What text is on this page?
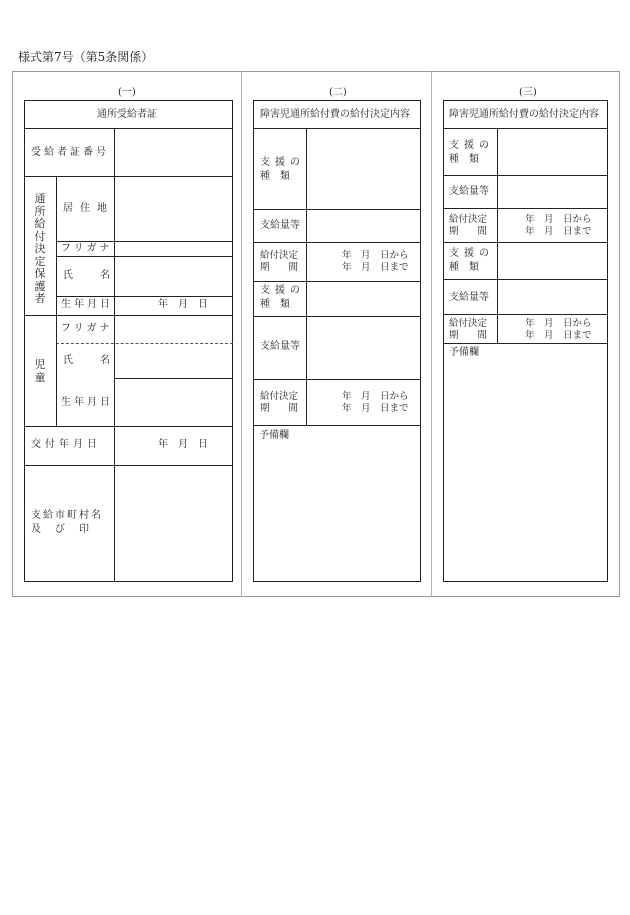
様式第7号（第5条関係）
(一)
通所受給者証
受給者証番号
通所給付決定保護者
居住地
フリガナ
氏名
生年月日	年　月　日
児童
フリガナ
氏名
生年月日
交付年月日	年　月　日
支給市町村名
及　び　印
(二)
障害児通所給付費の給付決定内容
支援の
種　類
支給量等
給付決定
期　　間
年　月　日から
年　月　日まで
支援の
種　類
支給量等
給付決定
期　　間
年　月　日から
年　月　日まで
予備欄
(三)
障害児通所給付費の給付決定内容
支援の
種　類
支給量等
給付決定
期　　間
年　月　日から
年　月　日まで
支援の
種　類
支給量等
給付決定
期　　間
年　月　日から
年　月　日まで
予備欄
